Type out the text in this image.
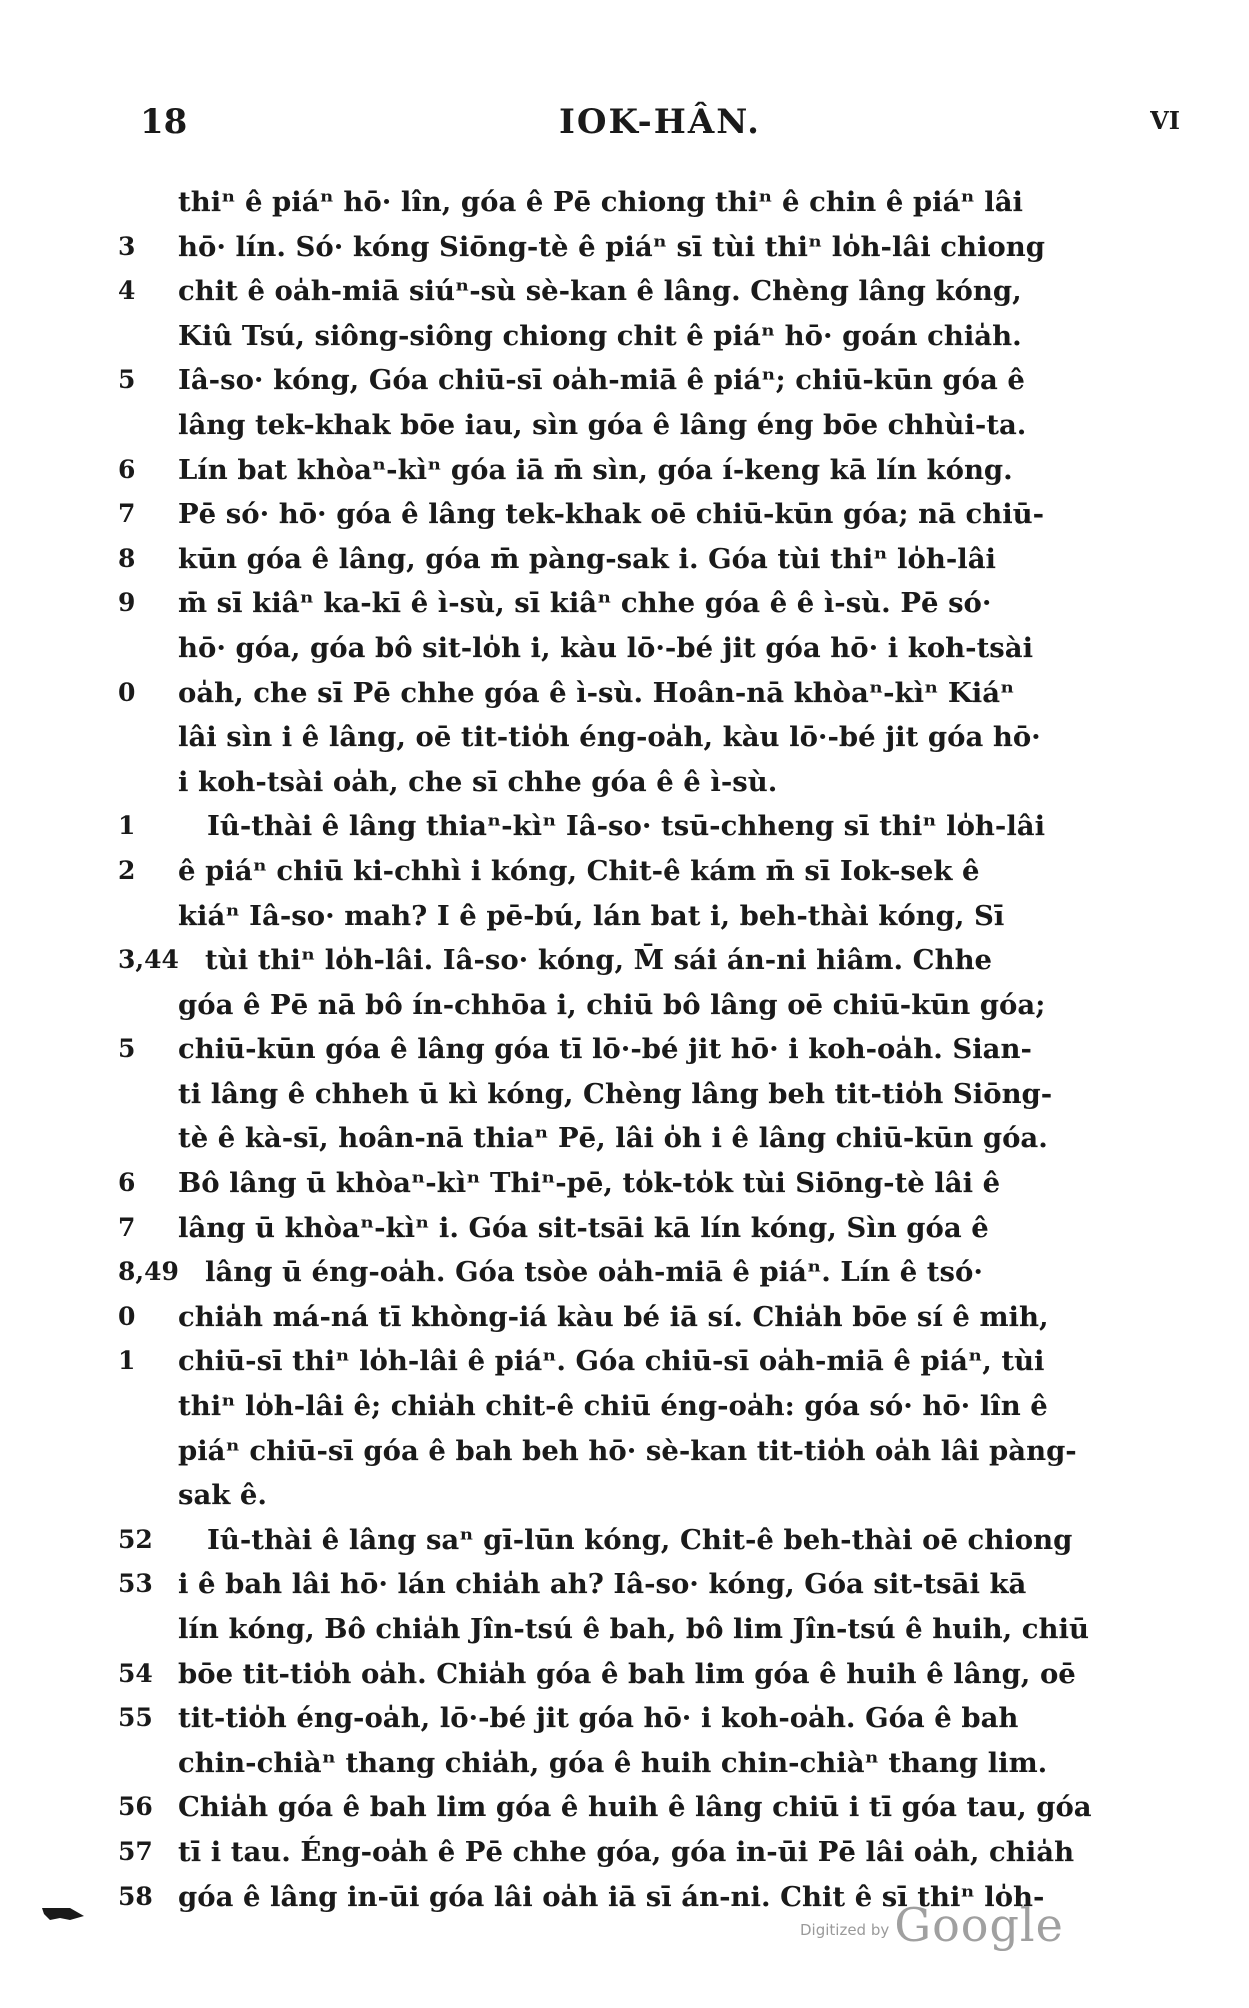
18	IOK-HÂN.	VI
thiⁿ ê piáⁿ hō· lîn, góa ê Pē chiong thiⁿ ê chin ê piáⁿ lâi
3	hō· lín. Só· kóng Siōng-tè ê piáⁿ sī tùi thiⁿ lo̍h-lâi chiong
4	chit ê oa̍h-miā siúⁿ-sù sè-kan ê lâng. Chèng lâng kóng,
Kiû Tsú, siông-siông chiong chit ê piáⁿ hō· goán chia̍h.
5	Iâ-so· kóng, Góa chiū-sī oa̍h-miā ê piáⁿ; chiū-kūn góa ê
lâng tek-khak bōe iau, sìn góa ê lâng éng bōe chhùi-ta.
6	Lín bat khòaⁿ-kìⁿ góa iā m̄ sìn, góa í-keng kā lín kóng.
7	Pē só· hō· góa ê lâng tek-khak oē chiū-kūn góa; nā chiū-
8	kūn góa ê lâng, góa m̄ pàng-sak i. Góa tùi thiⁿ lo̍h-lâi
9	m̄ sī kiâⁿ ka-kī ê ì-sù, sī kiâⁿ chhe góa ê ê ì-sù. Pē só·
hō· góa, góa bô sit-lo̍h i, kàu lō·-bé jit góa hō· i koh-tsài
0	oa̍h, che sī Pē chhe góa ê ì-sù. Hoân-nā khòaⁿ-kìⁿ Kiáⁿ
lâi sìn i ê lâng, oē tit-tio̍h éng-oa̍h, kàu lō·-bé jit góa hō·
i koh-tsài oa̍h, che sī chhe góa ê ê ì-sù.
1	Iû-thài ê lâng thiaⁿ-kìⁿ Iâ-so· tsū-chheng sī thiⁿ lo̍h-lâi
2	ê piáⁿ chiū ki-chhì i kóng, Chit-ê kám m̄ sī Iok-sek ê
kiáⁿ Iâ-so· mah? I ê pē-bú, lán bat i, beh-thài kóng, Sī
3,44 tùi thiⁿ lo̍h-lâi. Iâ-so· kóng, M̄ sái án-ni hiâm. Chhe
góa ê Pē nā bô ín-chhōa i, chiū bô lâng oē chiū-kūn góa;
5	chiū-kūn góa ê lâng góa tī lō·-bé jit hō· i koh-oa̍h. Sian-
ti lâng ê chheh ū kì kóng, Chèng lâng beh tit-tio̍h Siōng-
tè ê kà-sī, hoân-nā thiaⁿ Pē, lâi o̍h i ê lâng chiū-kūn góa.
6	Bô lâng ū khòaⁿ-kìⁿ Thiⁿ-pē, to̍k-to̍k tùi Siōng-tè lâi ê
7	lâng ū khòaⁿ-kìⁿ i. Góa sit-tsāi kā lín kóng, Sìn góa ê
8,49 lâng ū éng-oa̍h. Góa tsòe oa̍h-miā ê piáⁿ. Lín ê tsó·
0	chia̍h má-ná tī khòng-iá kàu bé iā sí. Chia̍h bōe sí ê mih,
1	chiū-sī thiⁿ lo̍h-lâi ê piáⁿ. Góa chiū-sī oa̍h-miā ê piáⁿ, tùi
thiⁿ lo̍h-lâi ê; chia̍h chit-ê chiū éng-oa̍h: góa só· hō· lîn ê
piáⁿ chiū-sī góa ê bah beh hō· sè-kan tit-tio̍h oa̍h lâi pàng-
sak ê.
52	Iû-thài ê lâng saⁿ gī-lūn kóng, Chit-ê beh-thài oē chiong
53 i ê bah lâi hō· lán chia̍h ah? Iâ-so· kóng, Góa sit-tsāi kā
lín kóng, Bô chia̍h Jîn-tsú ê bah, bô lim Jîn-tsú ê huih, chiū
54 bōe tit-tio̍h oa̍h. Chia̍h góa ê bah lim góa ê huih ê lâng, oē
55 tit-tio̍h éng-oa̍h, lō·-bé jit góa hō· i koh-oa̍h. Góa ê bah
chin-chiàⁿ thang chia̍h, góa ê huih chin-chiàⁿ thang lim.
56 Chia̍h góa ê bah lim góa ê huih ê lâng chiū i tī góa tau, góa
57 tī i tau. Éng-oa̍h ê Pē chhe góa, góa in-ūi Pē lâi oa̍h, chia̍h
58 góa ê lâng in-ūi góa lâi oa̍h iā sī án-ni. Chit ê sī thiⁿ lo̍h-
Digitized by Google
